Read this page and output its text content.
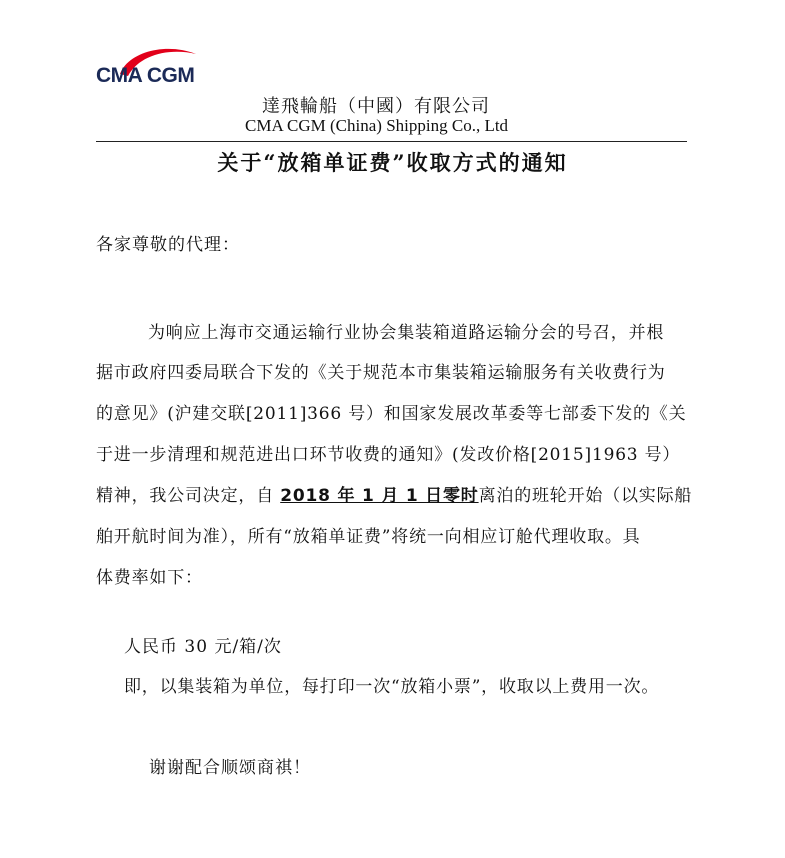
CMA CGM
達飛輪船（中國）有限公司
CMA CGM (China) Shipping Co., Ltd
关于“放箱单证费”收取方式的通知
各家尊敬的代理：
为响应上海市交通运输行业协会集装箱道路运输分会的号召，并根
据市政府四委局联合下发的《关于规范本市集装箱运输服务有关收费行为
的意见》(沪建交联[2011]366 号）和国家发展改革委等七部委下发的《关
于进一步清理和规范进出口环节收费的通知》(发改价格[2015]1963 号）
精神，我公司决定，自 2018 年 1 月 1 日零时离泊的班轮开始（以实际船
舶开航时间为准），所有“放箱单证费”将统一向相应订舱代理收取。具
体费率如下：
人民币 30 元/箱/次
即，以集装箱为单位，每打印一次“放箱小票”，收取以上费用一次。
谢谢配合顺颂商祺！
